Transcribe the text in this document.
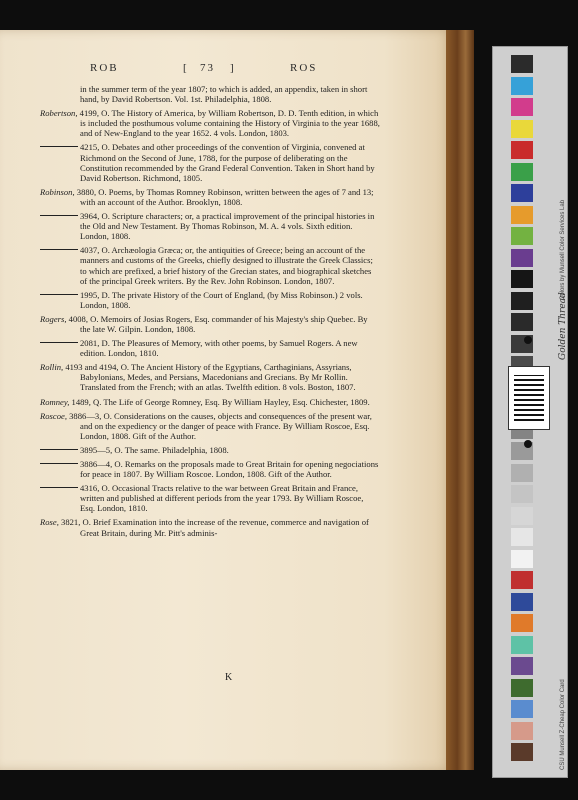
ROB	[ 73 ]	ROS

in the summer term of the year 1807; to which is added, an appendix, taken in short hand, by David Robertson. Vol. 1st. Philadelphia, 1808.

Robertson, 4199, O. The History of America, by William Robertson, D. D. Tenth edition, in which is included the posthumous volume containing the History of Virginia to the year 1688, and of New-England to the year 1652. 4 vols. London, 1803.

4215, O. Debates and other proceedings of the convention of Virginia, convened at Richmond on the Second of June, 1788, for the purpose of deliberating on the Constitution recommended by the Grand Federal Convention. Taken in Short hand by David Robertson. Richmond, 1805.

Robinson, 3880, O. Poems, by Thomas Romney Robinson, written between the ages of 7 and 13; with an account of the Author. Brooklyn, 1808.

3964, O. Scripture characters; or, a practical improvement of the principal histories in the Old and New Testament. By Thomas Robinson, M. A. 4 vols. Sixth edition. London, 1808.

4037, O. Archæologia Græca; or, the antiquities of Greece; being an account of the manners and customs of the Greeks, chiefly designed to illustrate the Greek Classics; to which are prefixed, a brief history of the Grecian states, and biographical sketches of the principal Greek writers. By the Rev. John Robinson. London, 1807.

1995, D. The private History of the Court of England, (by Miss Robinson.) 2 vols. London, 1808.

Rogers, 4008, O. Memoirs of Josias Rogers, Esq. commander of his Majesty's ship Quebec. By the late W. Gilpin. London, 1808.

2081, D. The Pleasures of Memory, with other poems, by Samuel Rogers. A new edition. London, 1810.

Rollin, 4193 and 4194, O. The Ancient History of the Egyptians, Carthaginians, Assyrians, Babylonians, Medes, and Persians, Macedonians and Grecians. By Mr Rollin. Translated from the French; with an atlas. Twelfth edition. 8 vols. Boston, 1807.

Romney, 1489, Q. The Life of George Romney, Esq. By William Hayley, Esq. Chichester, 1809.

Roscoe, 3886—3, O. Considerations on the causes, objects and consequences of the present war, and on the expediency or the danger of peace with France. By William Roscoe, Esq. London, 1808. Gift of the Author.

3895—5, O. The same. Philadelphia, 1808.

3886—4, O. Remarks on the proposals made to Great Britain for opening negociations for peace in 1807. By William Roscoe. London, 1808. Gift of the Author.

4316, O. Occasional Tracts relative to the war between Great Britain and France, written and published at different periods from the year 1793. By William Roscoe, Esq. London, 1810.

Rose, 3821, O. Brief Examination into the increase of the revenue, commerce and navigation of Great Britain, during Mr. Pitt's adminis-

K
Colors by Munsell Color Services Lab
CSU Munsell Z-Cheap Color Card
Golden Thread
